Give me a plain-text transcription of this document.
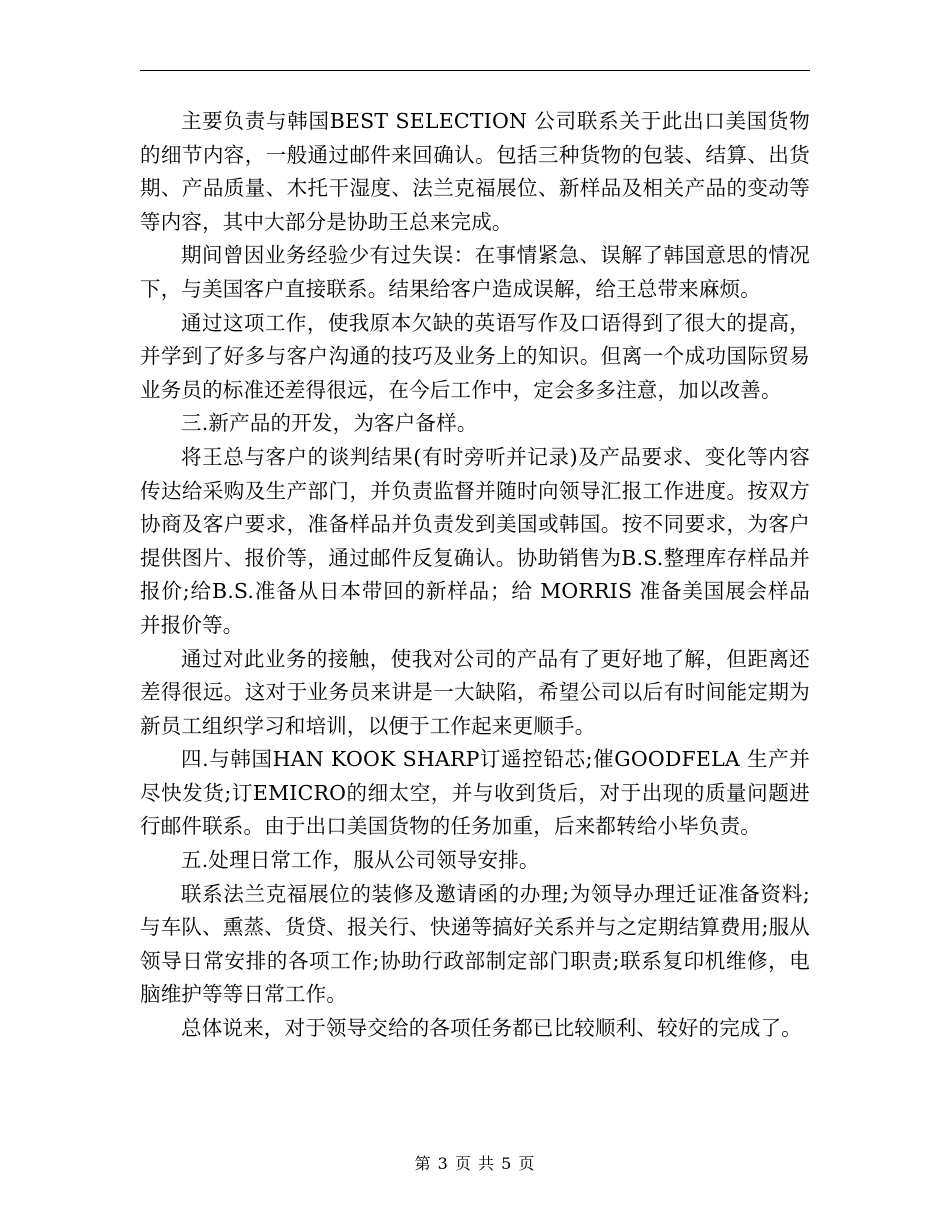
主要负责与韩国BEST SELECTION 公司联系关于此出口美国货物的细节内容，一般通过邮件来回确认。包括三种货物的包装、结算、出货期、产品质量、木托干湿度、法兰克福展位、新样品及相关产品的变动等等内容，其中大部分是协助王总来完成。

期间曾因业务经验少有过失误：在事情紧急、误解了韩国意思的情况下，与美国客户直接联系。结果给客户造成误解，给王总带来麻烦。

通过这项工作，使我原本欠缺的英语写作及口语得到了很大的提高，并学到了好多与客户沟通的技巧及业务上的知识。但离一个成功国际贸易业务员的标准还差得很远，在今后工作中，定会多多注意，加以改善。

三.新产品的开发，为客户备样。

将王总与客户的谈判结果(有时旁听并记录)及产品要求、变化等内容传达给采购及生产部门，并负责监督并随时向领导汇报工作进度。按双方协商及客户要求，准备样品并负责发到美国或韩国。按不同要求，为客户提供图片、报价等，通过邮件反复确认。协助销售为B.S.整理库存样品并报价;给B.S.准备从日本带回的新样品；给 MORRIS 准备美国展会样品并报价等。

通过对此业务的接触，使我对公司的产品有了更好地了解，但距离还差得很远。这对于业务员来讲是一大缺陷，希望公司以后有时间能定期为新员工组织学习和培训，以便于工作起来更顺手。

四.与韩国HAN KOOK SHARP订遥控铅芯;催GOODFELA 生产并尽快发货;订EMICRO的细太空，并与收到货后，对于出现的质量问题进行邮件联系。由于出口美国货物的任务加重，后来都转给小毕负责。

五.处理日常工作，服从公司领导安排。

联系法兰克福展位的装修及邀请函的办理;为领导办理迁证准备资料;与车队、熏蒸、货贷、报关行、快递等搞好关系并与之定期结算费用;服从领导日常安排的各项工作;协助行政部制定部门职责;联系复印机维修，电脑维护等等日常工作。

总体说来，对于领导交给的各项任务都已比较顺利、较好的完成了。

第 3 页 共 5 页
